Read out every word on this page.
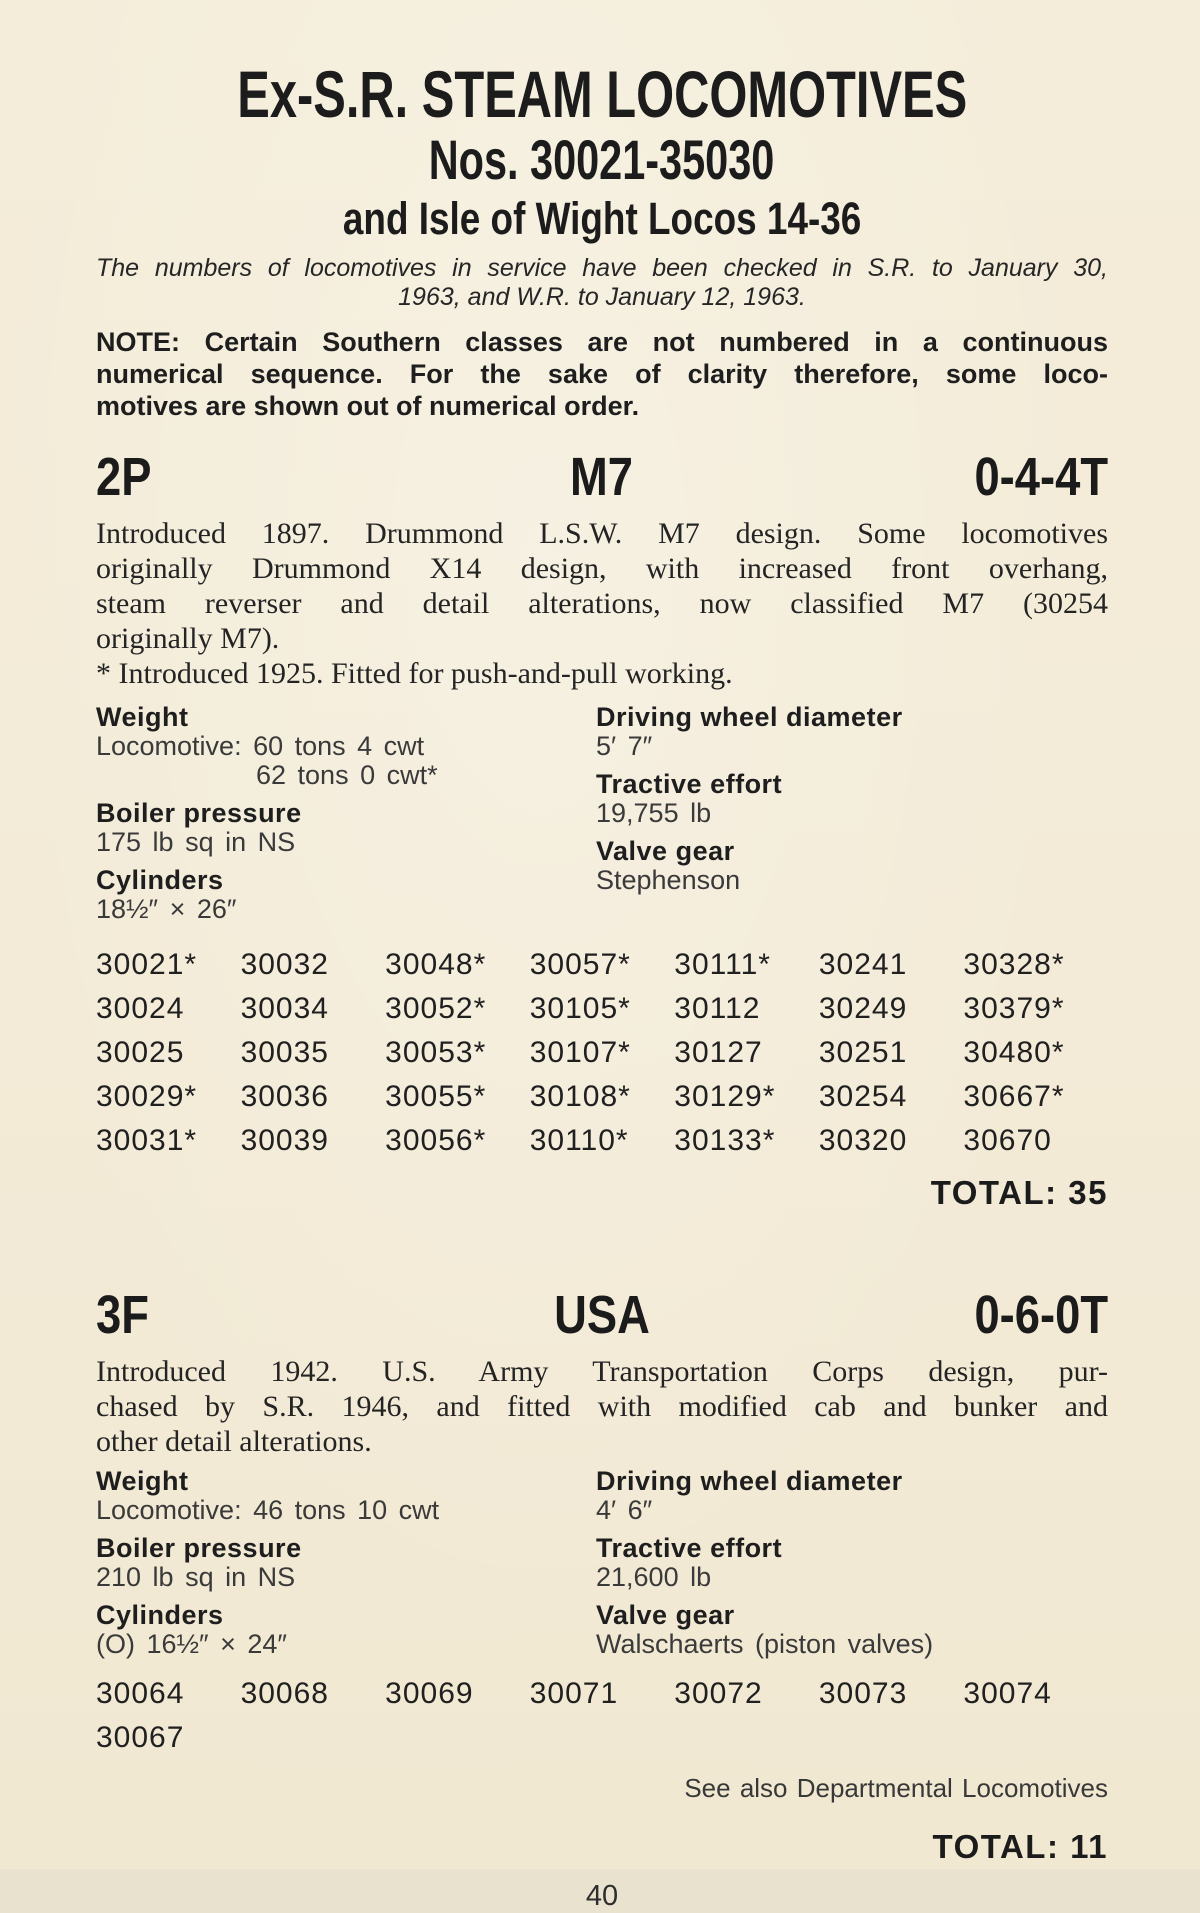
Ex-S.R. STEAM LOCOMOTIVES
Nos. 30021-35030
and Isle of Wight Locos 14-36
The numbers of locomotives in service have been checked in S.R. to January 30,
1963, and W.R. to January 12, 1963.
NOTE: Certain Southern classes are not numbered in a continuous
numerical sequence. For the sake of clarity therefore, some loco-
motives are shown out of numerical order.
2P	M7	0-4-4T
Introduced 1897. Drummond L.S.W. M7 design. Some locomotives
originally Drummond X14 design, with increased front overhang,
steam reverser and detail alterations, now classified M7 (30254
originally M7).
* Introduced 1925. Fitted for push-and-pull working.
Weight
Locomotive: 60 tons 4 cwt
62 tons 0 cwt*
Boiler pressure
175 lb sq in NS
Cylinders
18½″ × 26″
Driving wheel diameter
5′ 7″
Tractive effort
19,755 lb
Valve gear
Stephenson
30021*	30032	30048*	30057*	30111*	30241	30328*
30024	30034	30052*	30105*	30112	30249	30379*
30025	30035	30053*	30107*	30127	30251	30480*
30029*	30036	30055*	30108*	30129*	30254	30667*
30031*	30039	30056*	30110*	30133*	30320	30670
TOTAL: 35
3F	USA	0-6-0T
Introduced 1942. U.S. Army Transportation Corps design, pur-
chased by S.R. 1946, and fitted with modified cab and bunker and
other detail alterations.
Weight
Locomotive: 46 tons 10 cwt
Boiler pressure
210 lb sq in NS
Cylinders
(O) 16½″ × 24″
Driving wheel diameter
4′ 6″
Tractive effort
21,600 lb
Valve gear
Walschaerts (piston valves)
30064	30068	30069	30071	30072	30073	30074
30067
See also Departmental Locomotives
TOTAL: 11
40
